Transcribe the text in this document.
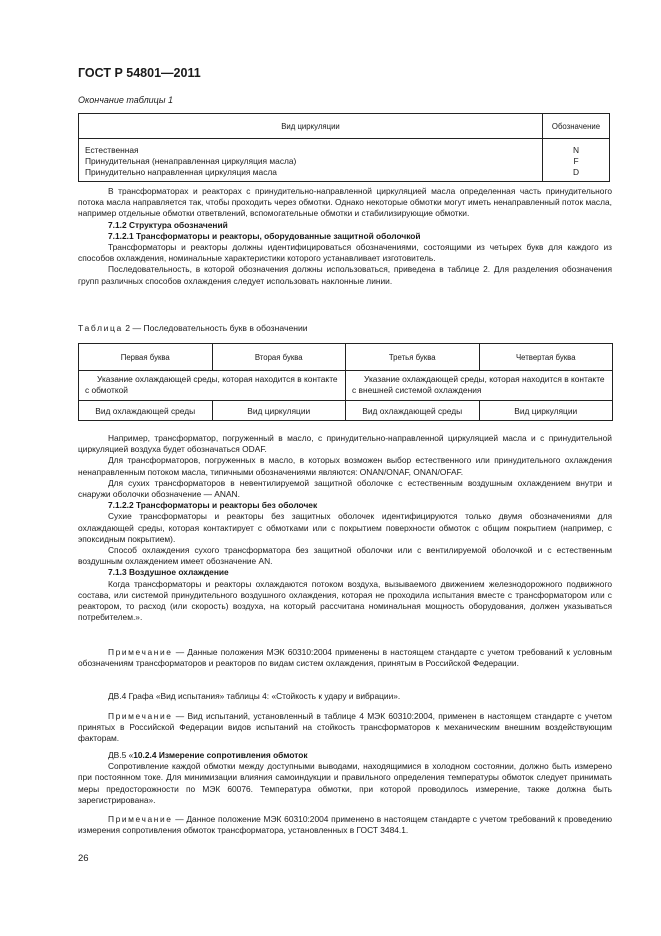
ГОСТ Р 54801—2011
Окончание таблицы 1
Вид циркуляции	Обозначение
Естественная	N
Принудительная (ненаправленная циркуляция масла)	F
Принудительно направленная циркуляция масла	D

В трансформаторах и реакторах с принудительно-направленной циркуляцией масла определенная часть принудительного потока масла направляется так, чтобы проходить через обмотки. Однако некоторые обмотки могут иметь ненаправленный поток масла, например отдельные обмотки ответвлений, вспомогательные обмотки и стабилизирующие обмотки.

7.1.2 Структура обозначений

7.1.2.1 Трансформаторы и реакторы, оборудованные защитной оболочкой

Трансформаторы и реакторы должны идентифицироваться обозначениями, состоящими из четырех букв для каждого из способов охлаждения, номинальные характеристики которого устанавливает изготовитель.

Последовательность, в которой обозначения должны использоваться, приведена в таблице 2. Для разделения обозначения групп различных способов охлаждения следует использовать наклонные линии.

Таблица 2 — Последовательность букв в обозначении
Первая буква	Вторая буква	Третья буква	Четвертая буква
Указание охлаждающей среды, которая находится в контакте с обмоткой		Указание охлаждающей среды, которая находится в контакте с внешней системой охлаждения	
Вид охлаждающей среды	Вид циркуляции	Вид охлаждающей среды	Вид циркуляции

Например, трансформатор, погруженный в масло, с принудительно-направленной циркуляцией масла и с принудительной циркуляцией воздуха будет обозначаться ODAF.

Для трансформаторов, погруженных в масло, в которых возможен выбор естественного или принудительного охлаждения ненаправленным потоком масла, типичными обозначениями являются: ONAN/ONAF, ONAN/OFAF.

Для сухих трансформаторов в невентилируемой защитной оболочке с естественным воздушным охлаждением внутри и снаружи оболочки обозначение — ANAN.

7.1.2.2 Трансформаторы и реакторы без оболочек

Сухие трансформаторы и реакторы без защитных оболочек идентифицируются только двумя обозначениями для охлаждающей среды, которая контактирует с обмотками или с покрытием поверхности обмоток с общим покрытием (например, с эпоксидным покрытием).

Способ охлаждения сухого трансформатора без защитной оболочки или с вентилируемой оболочкой и с естественным воздушным охлаждением имеет обозначение AN.

7.1.3 Воздушное охлаждение

Когда трансформаторы и реакторы охлаждаются потоком воздуха, вызываемого движением железнодорожного подвижного состава, или системой принудительного воздушного охлаждения, которая не проходила испытания вместе с трансформатором или с реактором, то расход (или скорость) воздуха, на который рассчитана номинальная мощность оборудования, должен указываться потребителем.».

Примечание — Данные положения МЭК 60310:2004 применены в настоящем стандарте с учетом требований к условным обозначениям трансформаторов и реакторов по видам систем охлаждения, принятым в Российской Федерации.

ДВ.4 Графа «Вид испытания» таблицы 4: «Стойкость к удару и вибрации».

Примечание — Вид испытаний, установленный в таблице 4 МЭК 60310:2004, применен в настоящем стандарте с учетом принятых в Российской Федерации видов испытаний на стойкость трансформаторов к механическим внешним воздействующим факторам.

ДВ.5 «10.2.4 Измерение сопротивления обмоток

Сопротивление каждой обмотки между доступными выводами, находящимися в холодном состоянии, должно быть измерено при постоянном токе. Для минимизации влияния самоиндукции и правильного определения температуры обмоток следует принимать меры предосторожности по МЭК 60076. Температура обмотки, при которой проводилось измерение, также должна быть зарегистрирована».

Примечание — Данное положение МЭК 60310:2004 применено в настоящем стандарте с учетом требований к проведению измерения сопротивления обмоток трансформатора, установленных в ГОСТ 3484.1.

26
